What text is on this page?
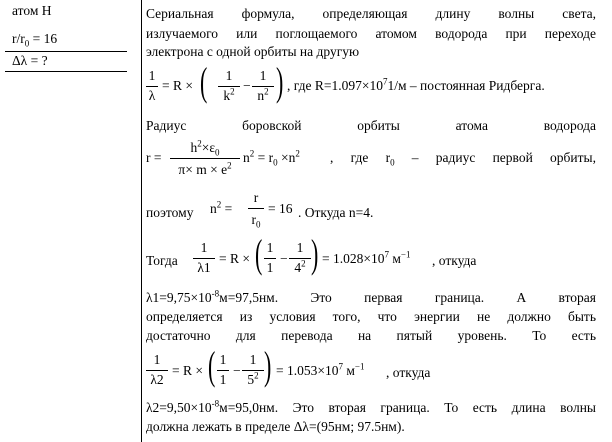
атом Н
$r/r_0 = 16$
Δλ = ?
Сериальная формула, определяющая длину волны света,
излучаемого или поглощаемого атомом водорода при переходе
электрона с одной орбиты на другую
1
λ
= R × (	1
$k^2$ −
1
$n^2$ ) , где $R=1.097\times 10^71/м$ – постоянная Ридберга.
Радиус боровской орбиты атома водорода
r =
$h^2\times\varepsilon_0$
$\pi\times m \times e^2$
$n^2 = r_0 \times n^2$ , где $r_0$ – радиус первой орбиты,
поэтому $n^2$ =
r
$r_0$
= 16 . Откуда n=4.
Тогда
1
λ1
= R × ( 1
1
−
1
$4^2$ ) = $1.028\times 10^7$ $м^{-1}$ , откуда
$\lambda 1=9,75\times 10^{-8}м=97,5нм$. Это первая граница. А вторая
определяется из условия того, что энергии не должно быть
достаточно для перевода на пятый уровень. То есть
1
λ2
= R × ( 1
1
−
1
$5^2$ ) = $1.053\times 10^7$ $м^{-1}$ , откуда
$\lambda 2=9,50\times 10^{-8}м=95,0нм$. Это вторая граница. То есть длина волны
должна лежать в пределе Δλ=(95нм; 97.5нм).
